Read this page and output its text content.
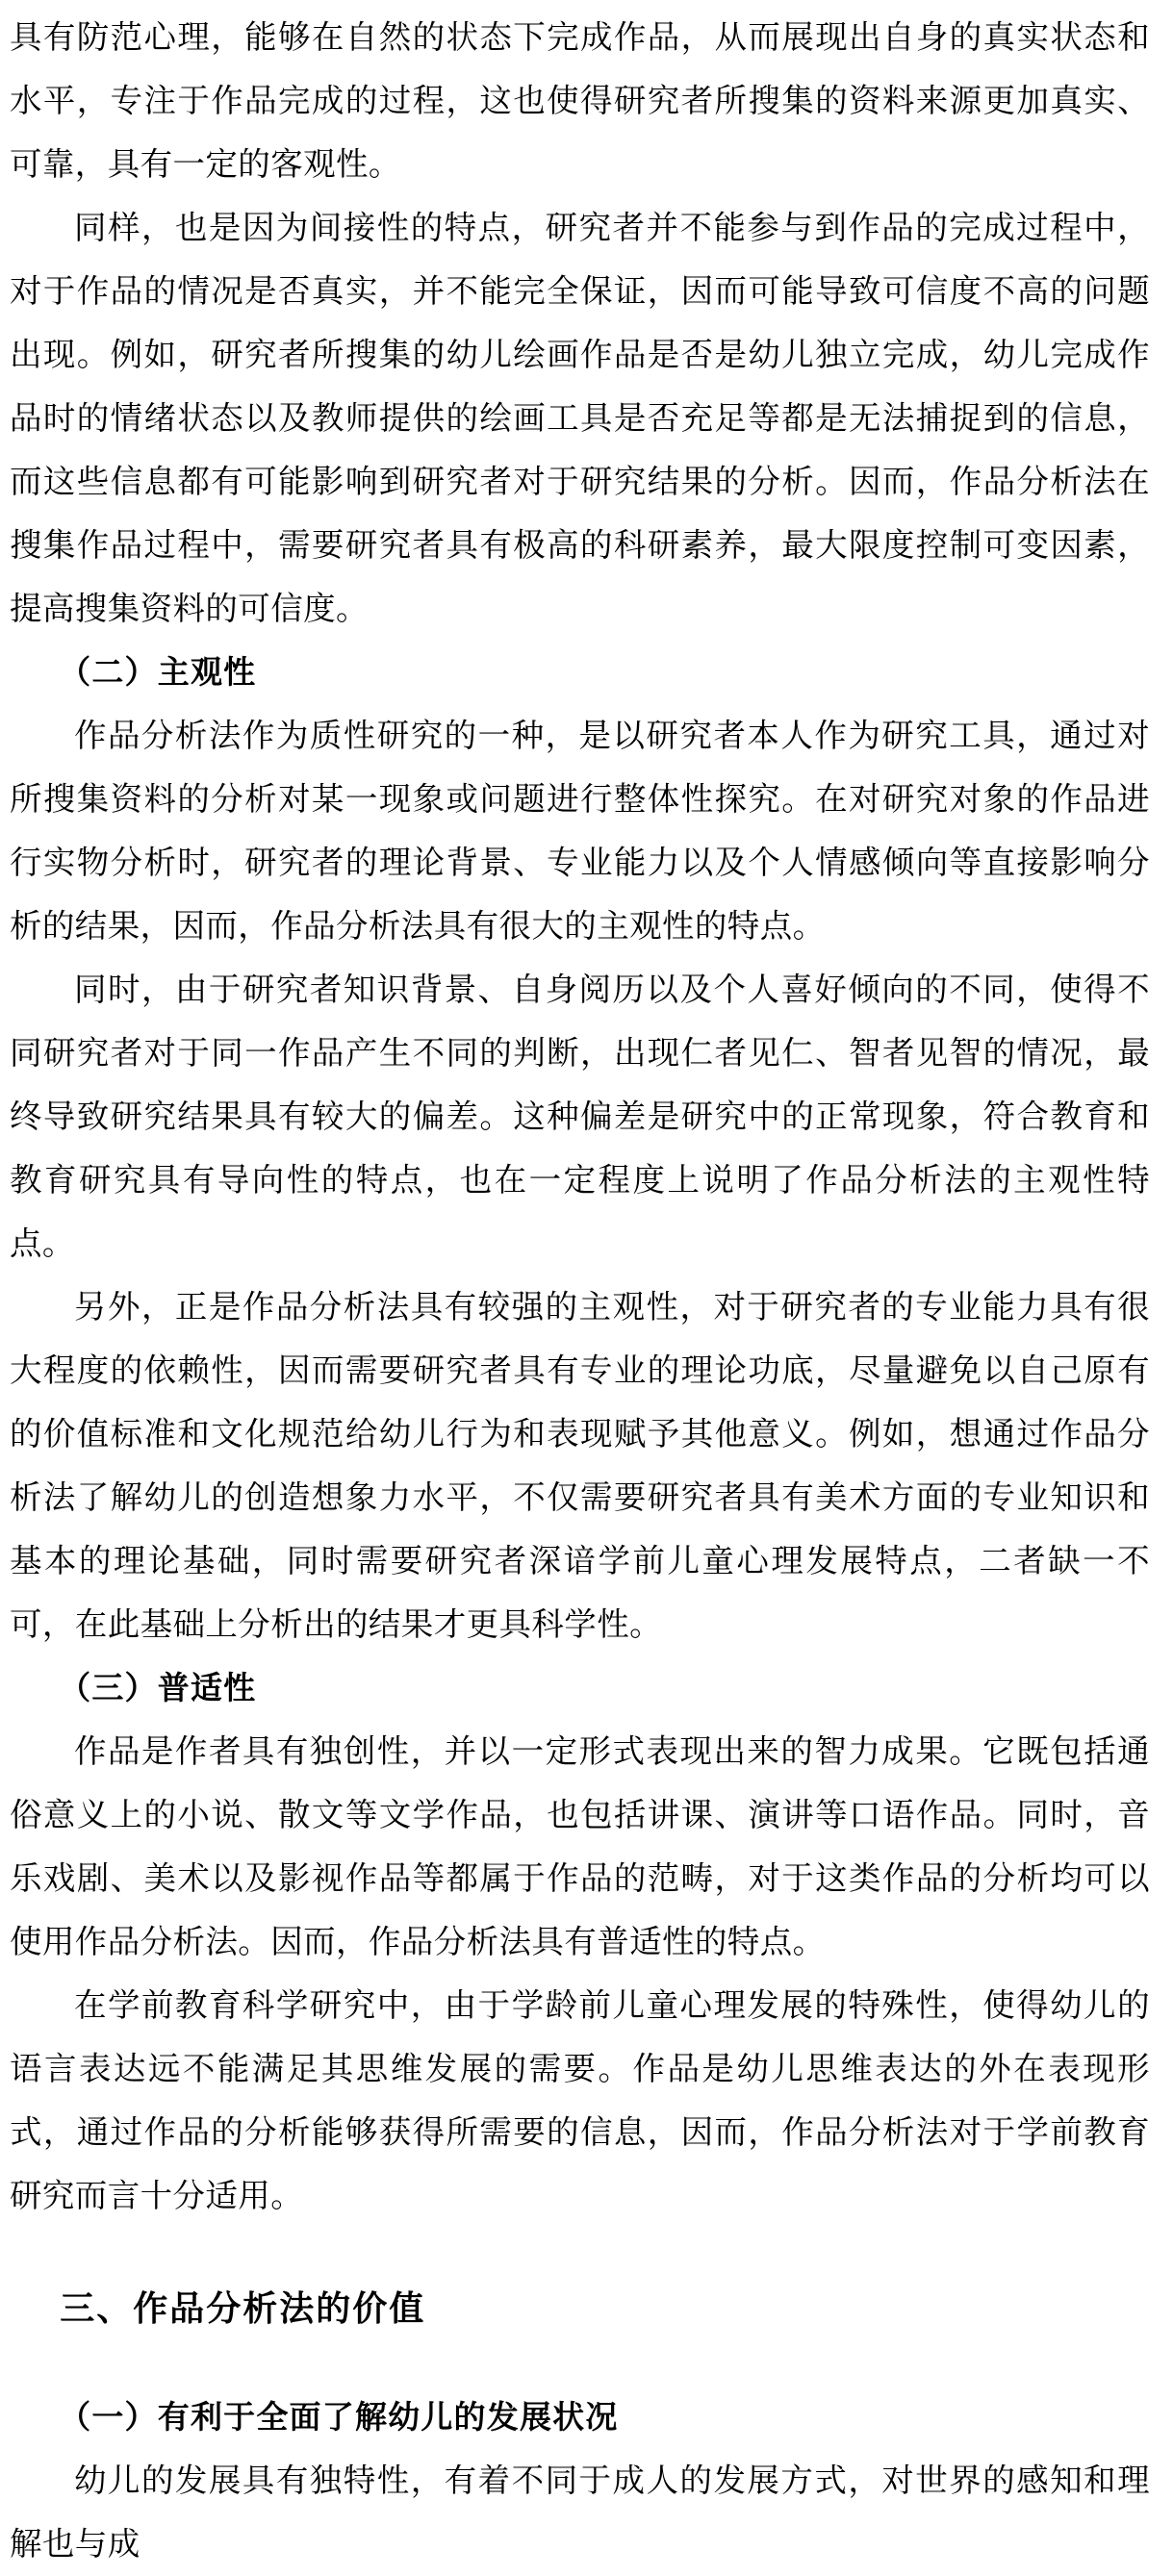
具有防范心理，能够在自然的状态下完成作品，从而展现出自身的真实状态和水平，专注于作品完成的过程，这也使得研究者所搜集的资料来源更加真实、可靠，具有一定的客观性。

同样，也是因为间接性的特点，研究者并不能参与到作品的完成过程中，对于作品的情况是否真实，并不能完全保证，因而可能导致可信度不高的问题出现。例如，研究者所搜集的幼儿绘画作品是否是幼儿独立完成，幼儿完成作品时的情绪状态以及教师提供的绘画工具是否充足等都是无法捕捉到的信息，而这些信息都有可能影响到研究者对于研究结果的分析。因而，作品分析法在搜集作品过程中，需要研究者具有极高的科研素养，最大限度控制可变因素，提高搜集资料的可信度。

（二）主观性

作品分析法作为质性研究的一种，是以研究者本人作为研究工具，通过对所搜集资料的分析对某一现象或问题进行整体性探究。在对研究对象的作品进行实物分析时，研究者的理论背景、专业能力以及个人情感倾向等直接影响分析的结果，因而，作品分析法具有很大的主观性的特点。

同时，由于研究者知识背景、自身阅历以及个人喜好倾向的不同，使得不同研究者对于同一作品产生不同的判断，出现仁者见仁、智者见智的情况，最终导致研究结果具有较大的偏差。这种偏差是研究中的正常现象，符合教育和教育研究具有导向性的特点，也在一定程度上说明了作品分析法的主观性特点。

另外，正是作品分析法具有较强的主观性，对于研究者的专业能力具有很大程度的依赖性，因而需要研究者具有专业的理论功底，尽量避免以自己原有的价值标准和文化规范给幼儿行为和表现赋予其他意义。例如，想通过作品分析法了解幼儿的创造想象力水平，不仅需要研究者具有美术方面的专业知识和基本的理论基础，同时需要研究者深谙学前儿童心理发展特点，二者缺一不可，在此基础上分析出的结果才更具科学性。

（三）普适性

作品是作者具有独创性，并以一定形式表现出来的智力成果。它既包括通俗意义上的小说、散文等文学作品，也包括讲课、演讲等口语作品。同时，音乐戏剧、美术以及影视作品等都属于作品的范畴，对于这类作品的分析均可以使用作品分析法。因而，作品分析法具有普适性的特点。

在学前教育科学研究中，由于学龄前儿童心理发展的特殊性，使得幼儿的语言表达远不能满足其思维发展的需要。作品是幼儿思维表达的外在表现形式，通过作品的分析能够获得所需要的信息，因而，作品分析法对于学前教育研究而言十分适用。

三、作品分析法的价值
（一）有利于全面了解幼儿的发展状况

幼儿的发展具有独特性，有着不同于成人的发展方式，对世界的感知和理解也与成
